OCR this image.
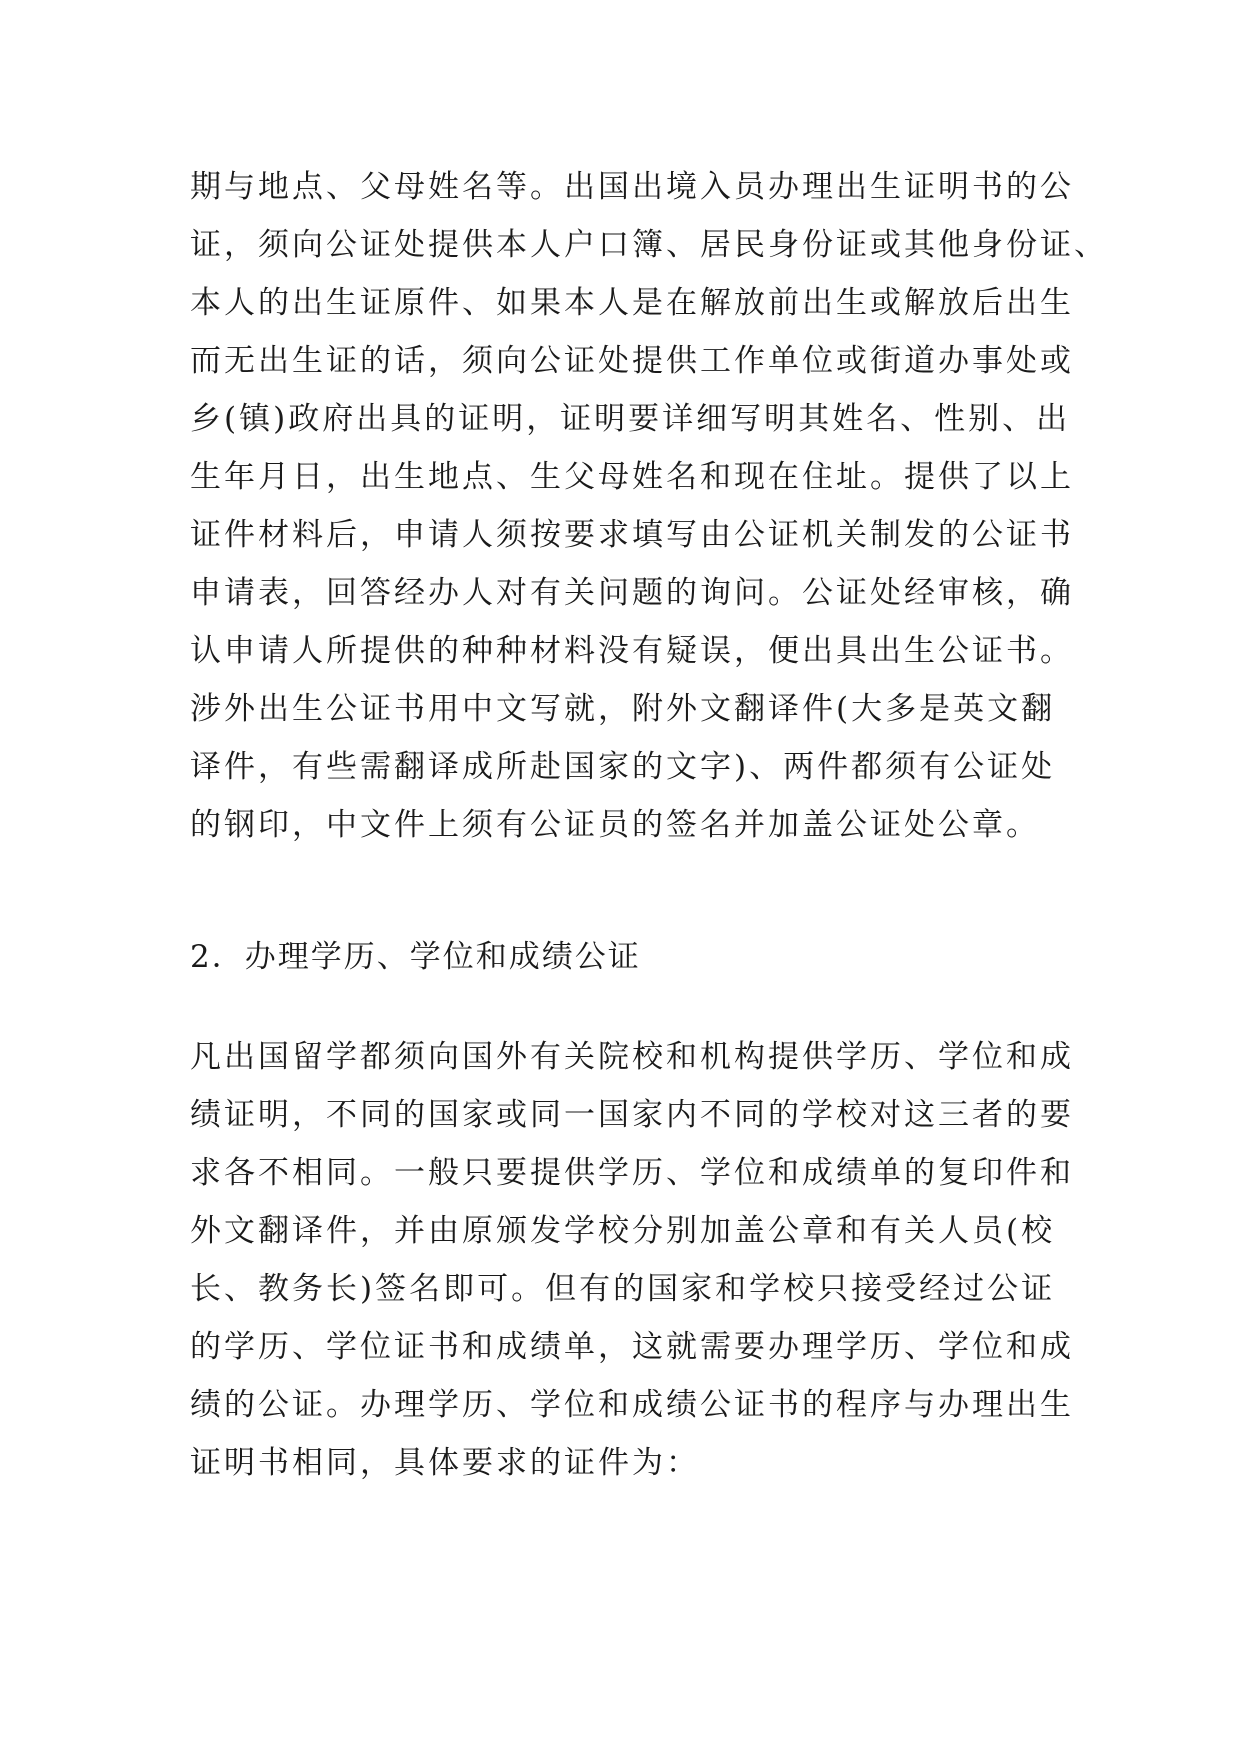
期与地点、父母姓名等。出国出境入员办理出生证明书的公
证，须向公证处提供本人户口簿、居民身份证或其他身份证、
本人的出生证原件、如果本人是在解放前出生或解放后出生
而无出生证的话，须向公证处提供工作单位或街道办事处或
乡(镇)政府出具的证明，证明要详细写明其姓名、性别、出
生年月日，出生地点、生父母姓名和现在住址。提供了以上
证件材料后，申请人须按要求填写由公证机关制发的公证书
申请表，回答经办人对有关问题的询问。公证处经审核，确
认申请人所提供的种种材料没有疑误，便出具出生公证书。
涉外出生公证书用中文写就，附外文翻译件(大多是英文翻
译件，有些需翻译成所赴国家的文字)、两件都须有公证处
的钢印，中文件上须有公证员的签名并加盖公证处公章。
2．办理学历、学位和成绩公证
凡出国留学都须向国外有关院校和机构提供学历、学位和成
绩证明，不同的国家或同一国家内不同的学校对这三者的要
求各不相同。一般只要提供学历、学位和成绩单的复印件和
外文翻译件，并由原颁发学校分别加盖公章和有关人员(校
长、教务长)签名即可。但有的国家和学校只接受经过公证
的学历、学位证书和成绩单，这就需要办理学历、学位和成
绩的公证。办理学历、学位和成绩公证书的程序与办理出生
证明书相同，具体要求的证件为：
